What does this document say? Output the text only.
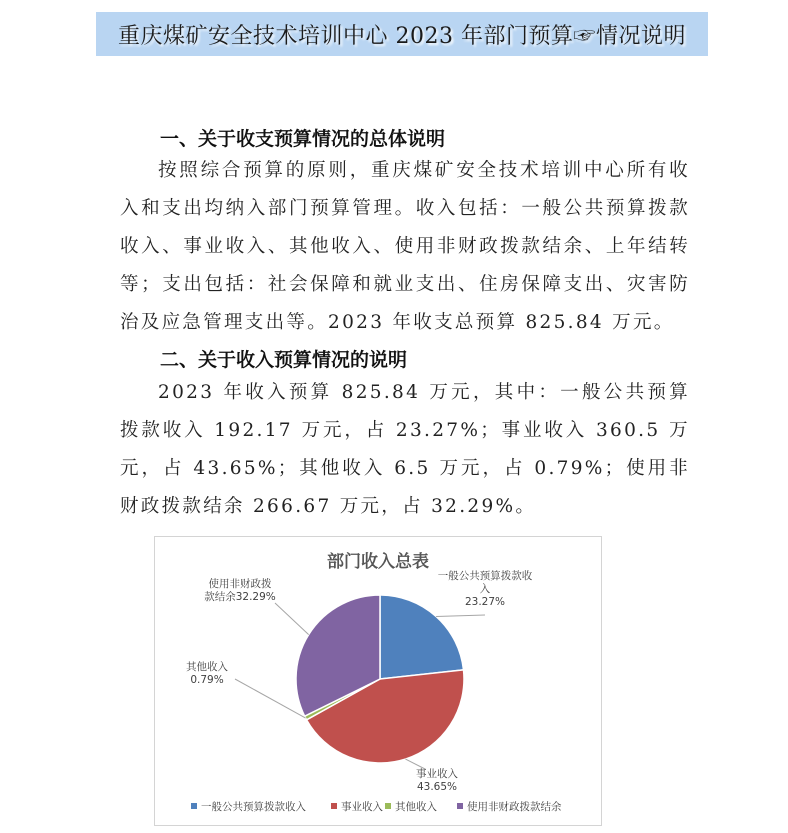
重庆煤矿安全技术培训中心 2023 年部门预算☞情况说明
一、关于收支预算情况的总体说明
按照综合预算的原则，重庆煤矿安全技术培训中心所有收入和支出均纳入部门预算管理。收入包括：一般公共预算拨款收入、事业收入、其他收入、使用非财政拨款结余、上年结转等；支出包括：社会保障和就业支出、住房保障支出、灾害防治及应急管理支出等。2023 年收支总预算 825.84 万元。
二、关于收入预算情况的说明
2023 年收入预算 825.84 万元，其中：一般公共预算拨款收入 192.17 万元，占 23.27%；事业收入 360.5 万元，占 43.65%；其他收入 6.5 万元，占 0.79%；使用非财政拨款结余 266.67 万元，占 32.29%。
部门收入总表
一般公共预算拨款收入 23.27%
事业收入 43.65%
其他收入 0.79%
使用非财政拨款结余32.29%
一般公共预算拨款收入	事业收入 其他收入	使用非财政拨款结余
